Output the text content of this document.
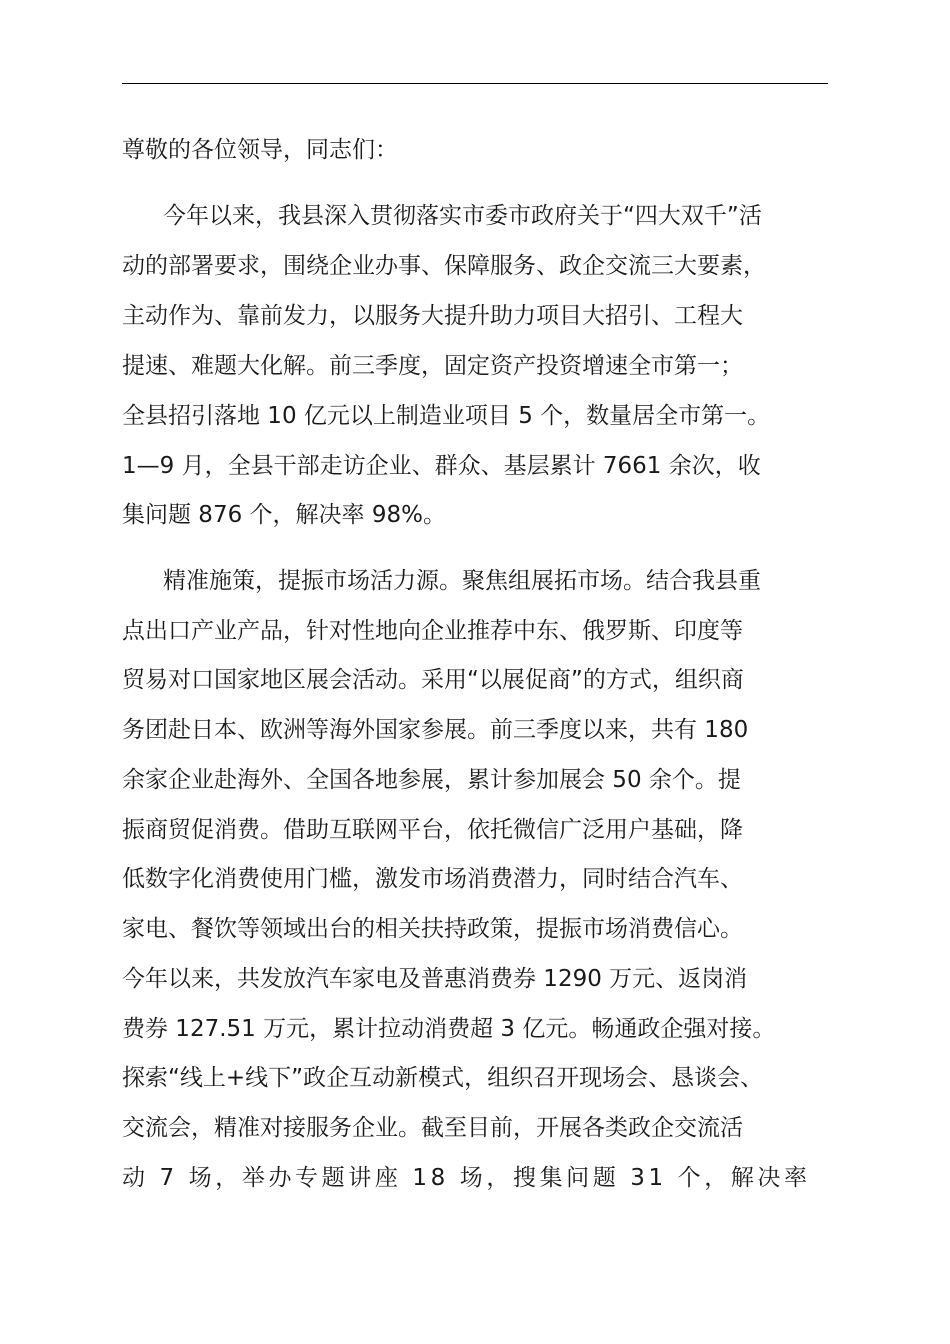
尊敬的各位领导，同志们：
今年以来，我县深入贯彻落实市委市政府关于“四大双千”活
动的部署要求，围绕企业办事、保障服务、政企交流三大要素，
主动作为、靠前发力，以服务大提升助力项目大招引、工程大
提速、难题大化解。前三季度，固定资产投资增速全市第一；
全县招引落地 10 亿元以上制造业项目 5 个，数量居全市第一。
1—9 月，全县干部走访企业、群众、基层累计 7661 余次，收
集问题 876 个，解决率 98%。
精准施策，提振市场活力源。聚焦组展拓市场。结合我县重
点出口产业产品，针对性地向企业推荐中东、俄罗斯、印度等
贸易对口国家地区展会活动。采用“以展促商”的方式，组织商
务团赴日本、欧洲等海外国家参展。前三季度以来，共有 180
余家企业赴海外、全国各地参展，累计参加展会 50 余个。提
振商贸促消费。借助互联网平台，依托微信广泛用户基础，降
低数字化消费使用门槛，激发市场消费潜力，同时结合汽车、
家电、餐饮等领域出台的相关扶持政策，提振市场消费信心。
今年以来，共发放汽车家电及普惠消费券 1290 万元、返岗消
费券 127.51 万元，累计拉动消费超 3 亿元。畅通政企强对接。
探索“线上+线下”政企互动新模式，组织召开现场会、恳谈会、
交流会，精准对接服务企业。截至目前，开展各类政企交流活
动 7 场，举办专题讲座 18 场，搜集问题 31 个，解决率
